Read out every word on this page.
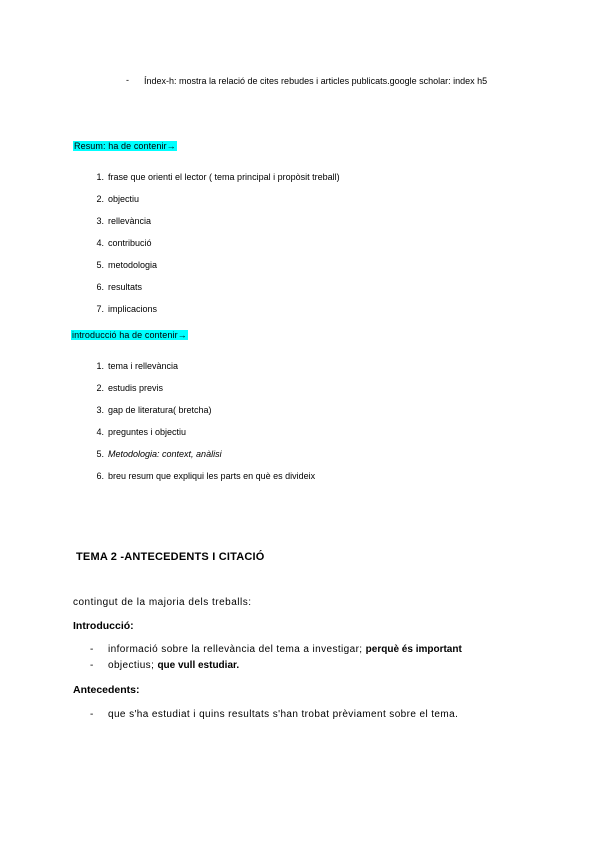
- Índex-h: mostra la relació de cites rebudes i articles publicats.google scholar: index h5
Resum: ha de contenir→
1. frase que orienti el lector ( tema principal i propòsit treball)
2. objectiu
3. rellevància
4. contribució
5. metodologia
6. resultats
7. implicacions
introducció ha de contenir→
1. tema i rellevància
2. estudis previs
3. gap de literatura( bretcha)
4. preguntes i objectiu
5. Metodologia: context, anàlisi
6. breu resum que expliqui les parts en què es divideix
TEMA 2 -ANTECEDENTS I CITACIÓ
contingut de la majoria dels treballs:
Introducció:
- informació sobre la rellevància del tema a investigar; perquè és important
- objectius; que vull estudiar.
Antecedents:
- que s'ha estudiat i quins resultats s'han trobat prèviament sobre el tema.
